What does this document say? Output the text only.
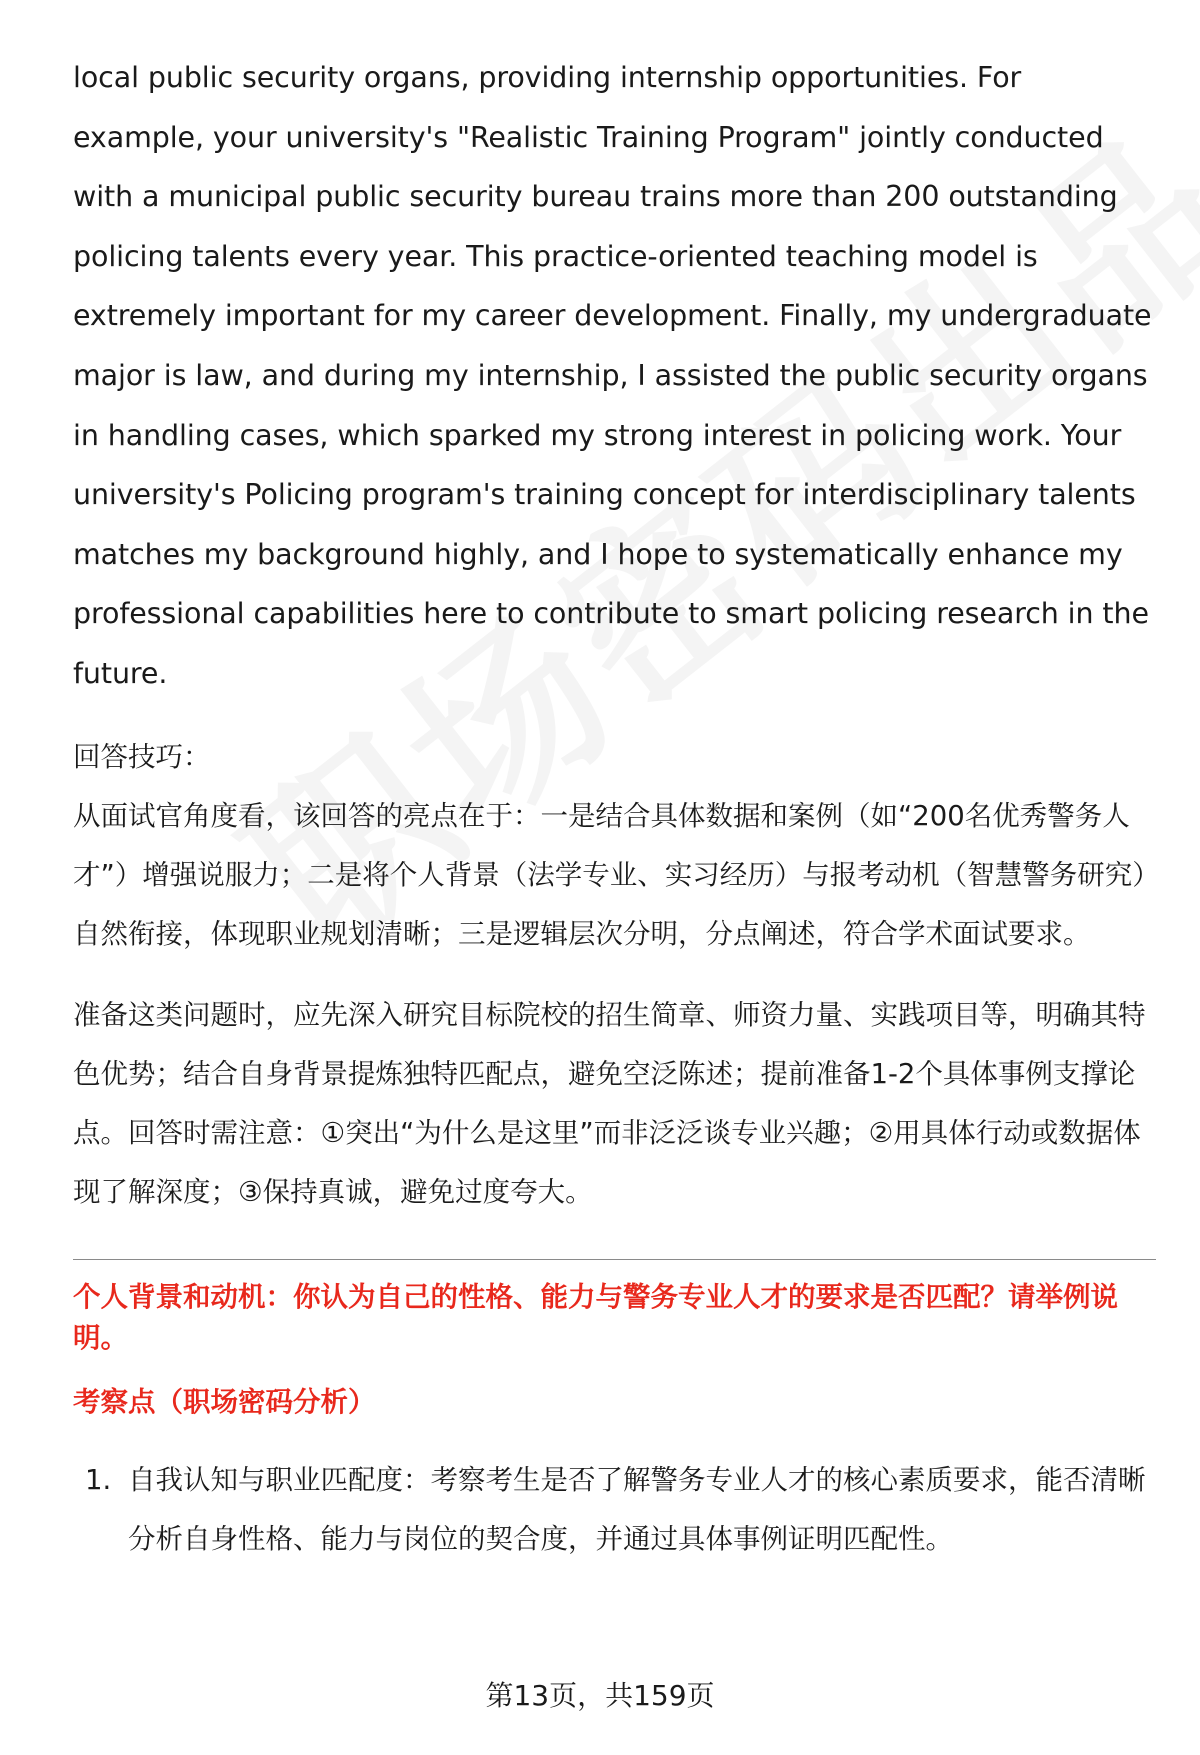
local public security organs, providing internship opportunities. For example, your university's "Realistic Training Program" jointly conducted with a municipal public security bureau trains more than 200 outstanding policing talents every year. This practice-oriented teaching model is extremely important for my career development. Finally, my undergraduate major is law, and during my internship, I assisted the public security organs in handling cases, which sparked my strong interest in policing work. Your university's Policing program's training concept for interdisciplinary talents matches my background highly, and I hope to systematically enhance my professional capabilities here to contribute to smart policing research in the future.

回答技巧：

从面试官角度看，该回答的亮点在于：一是结合具体数据和案例（如“200名优秀警务人才”）增强说服力；二是将个人背景（法学专业、实习经历）与报考动机（智慧警务研究）自然衔接，体现职业规划清晰；三是逻辑层次分明，分点阐述，符合学术面试要求。

准备这类问题时，应先深入研究目标院校的招生简章、师资力量、实践项目等，明确其特色优势；结合自身背景提炼独特匹配点，避免空泛陈述；提前准备1-2个具体事例支撑论点。回答时需注意：①突出“为什么是这里”而非泛泛谈专业兴趣；②用具体行动或数据体现了解深度；③保持真诚，避免过度夸大。

个人背景和动机：你认为自己的性格、能力与警务专业人才的要求是否匹配？请举例说明。

考察点（职场密码分析）

1. 自我认知与职业匹配度：考察考生是否了解警务专业人才的核心素质要求，能否清晰分析自身性格、能力与岗位的契合度，并通过具体事例证明匹配性。
第13页，共159页
